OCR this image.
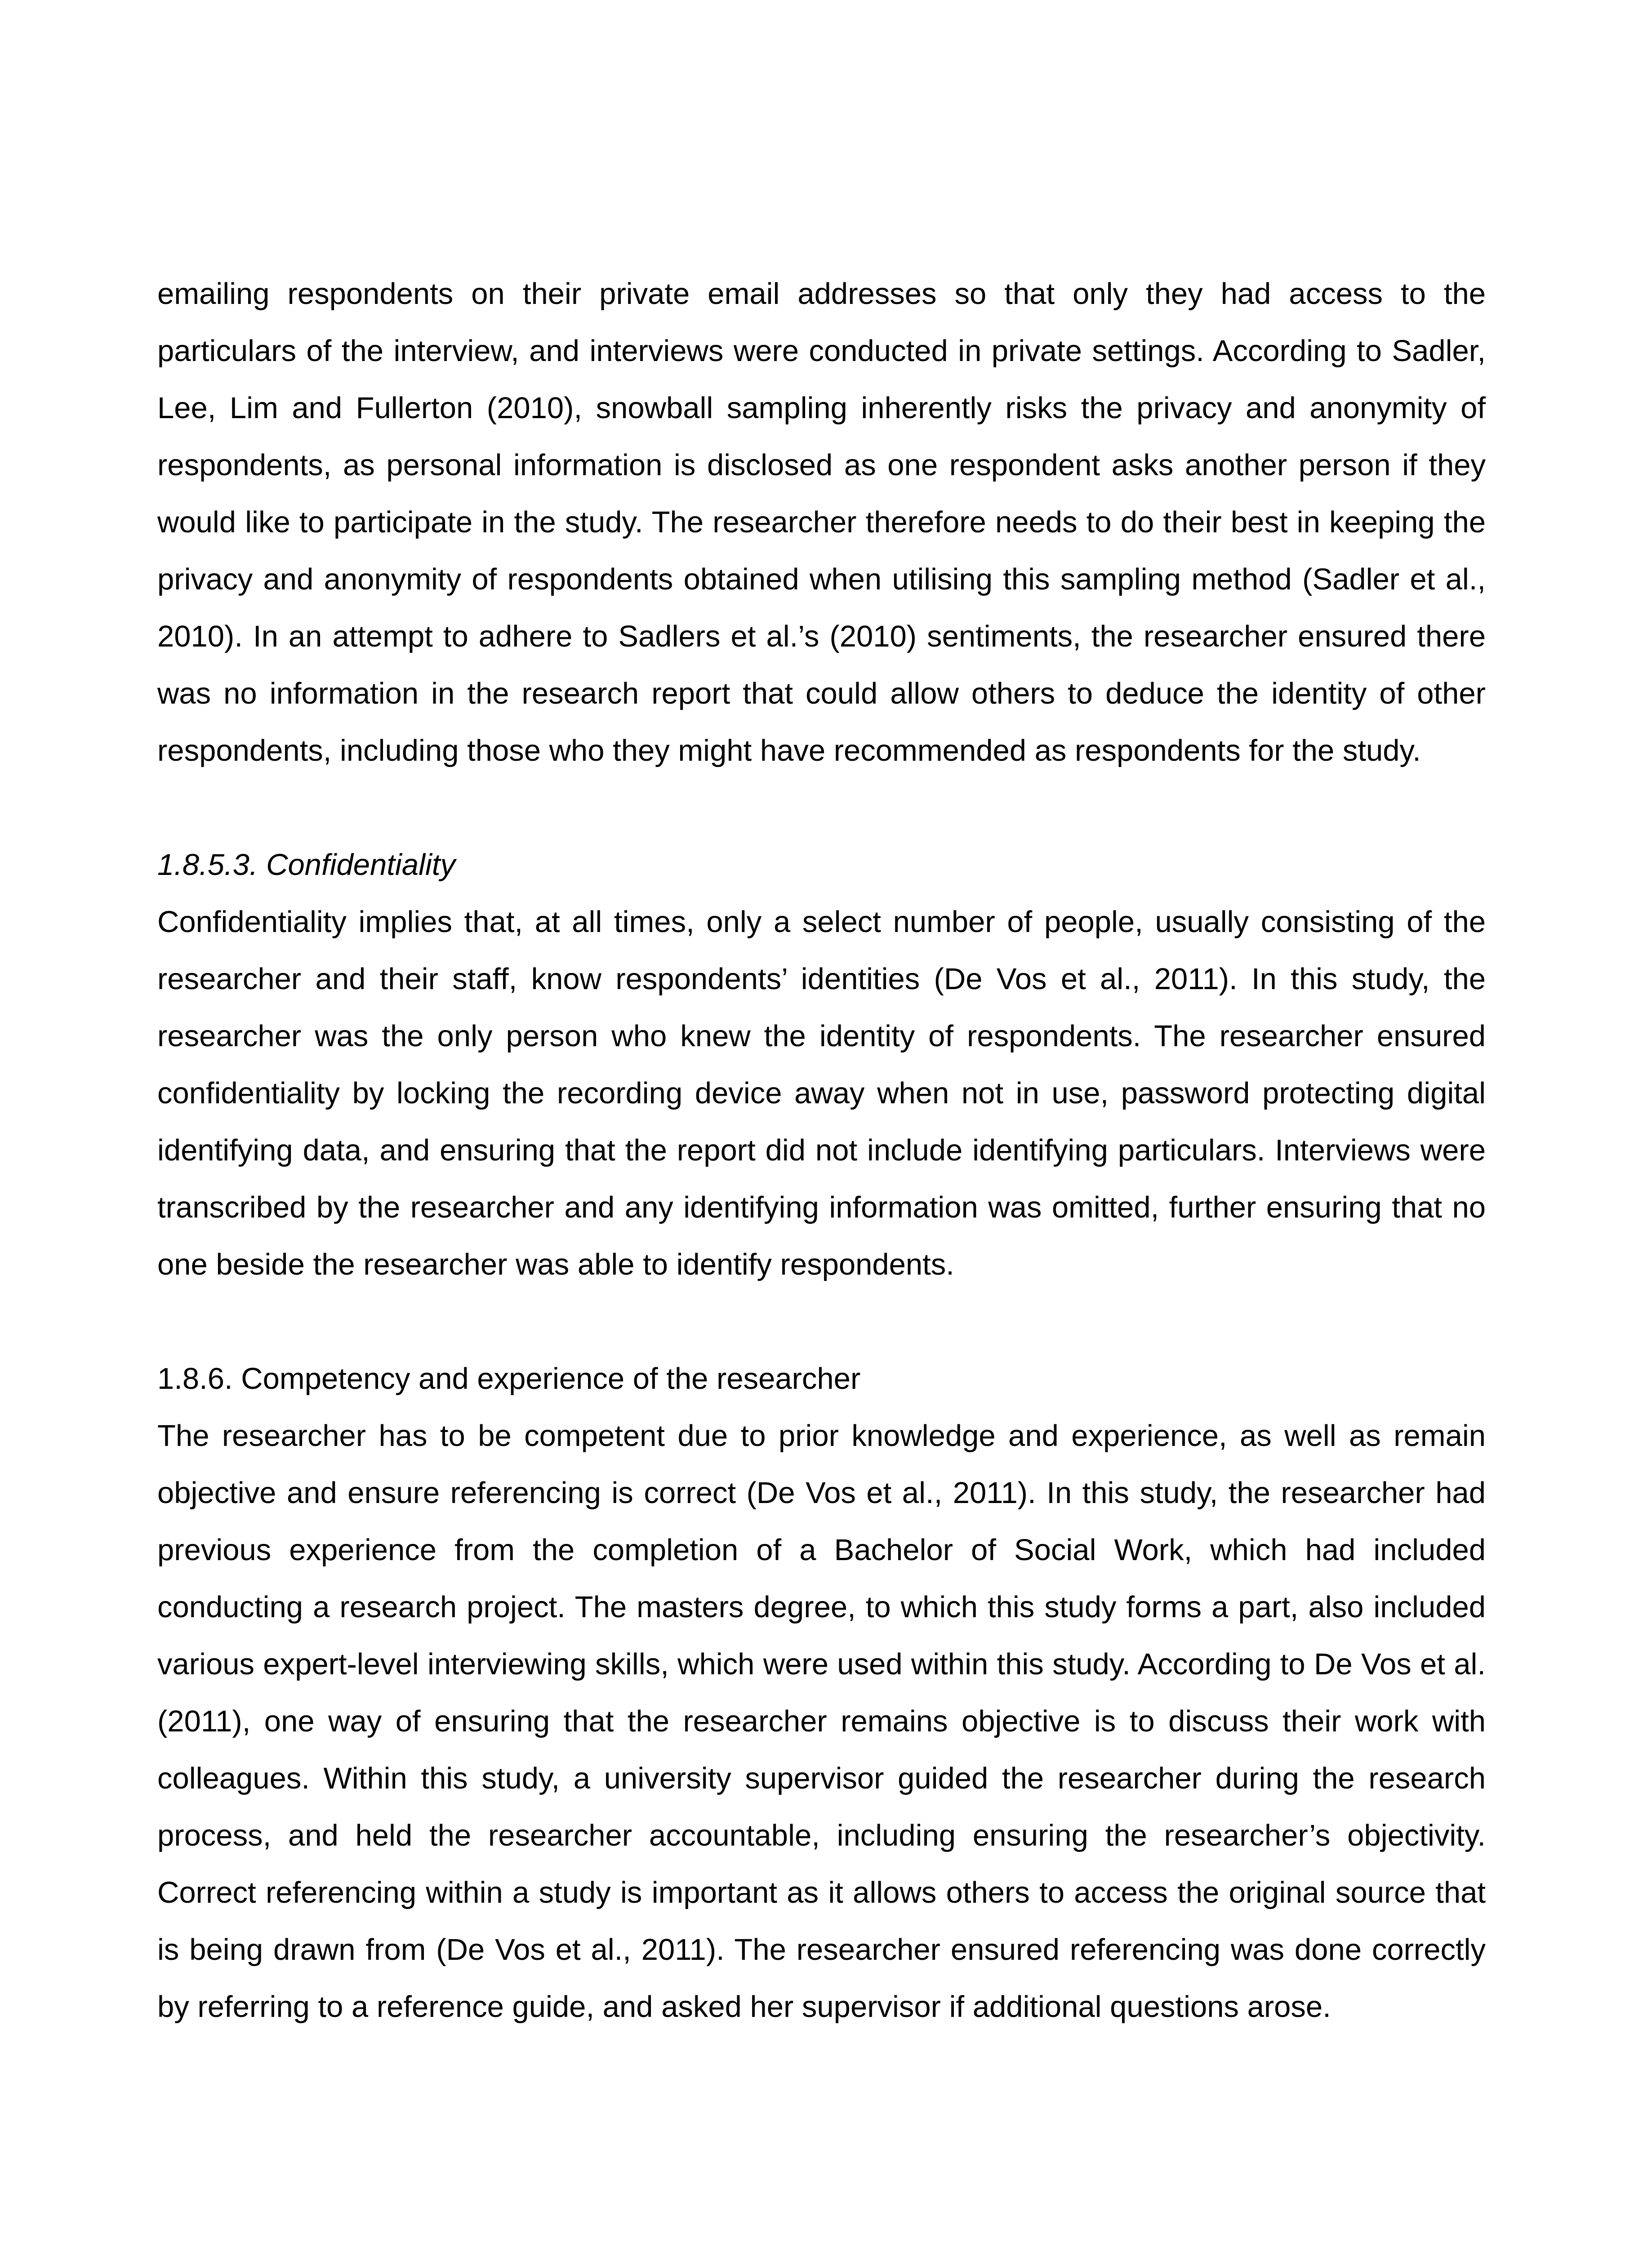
emailing respondents on their private email addresses so that only they had access to the particulars of the interview, and interviews were conducted in private settings. According to Sadler, Lee, Lim and Fullerton (2010), snowball sampling inherently risks the privacy and anonymity of respondents, as personal information is disclosed as one respondent asks another person if they would like to participate in the study. The researcher therefore needs to do their best in keeping the privacy and anonymity of respondents obtained when utilising this sampling method (Sadler et al., 2010). In an attempt to adhere to Sadlers et al.’s (2010) sentiments, the researcher ensured there was no information in the research report that could allow others to deduce the identity of other respondents, including those who they might have recommended as respondents for the study.

1.8.5.3. Confidentiality

Confidentiality implies that, at all times, only a select number of people, usually consisting of the researcher and their staff, know respondents’ identities (De Vos et al., 2011). In this study, the researcher was the only person who knew the identity of respondents. The researcher ensured confidentiality by locking the recording device away when not in use, password protecting digital identifying data, and ensuring that the report did not include identifying particulars. Interviews were transcribed by the researcher and any identifying information was omitted, further ensuring that no one beside the researcher was able to identify respondents.

1.8.6. Competency and experience of the researcher

The researcher has to be competent due to prior knowledge and experience, as well as remain objective and ensure referencing is correct (De Vos et al., 2011). In this study, the researcher had previous experience from the completion of a Bachelor of Social Work, which had included conducting a research project. The masters degree, to which this study forms a part, also included various expert-level interviewing skills, which were used within this study. According to De Vos et al. (2011), one way of ensuring that the researcher remains objective is to discuss their work with colleagues. Within this study, a university supervisor guided the researcher during the research process, and held the researcher accountable, including ensuring the researcher’s objectivity. Correct referencing within a study is important as it allows others to access the original source that is being drawn from (De Vos et al., 2011). The researcher ensured referencing was done correctly by referring to a reference guide, and asked her supervisor if additional questions arose.
